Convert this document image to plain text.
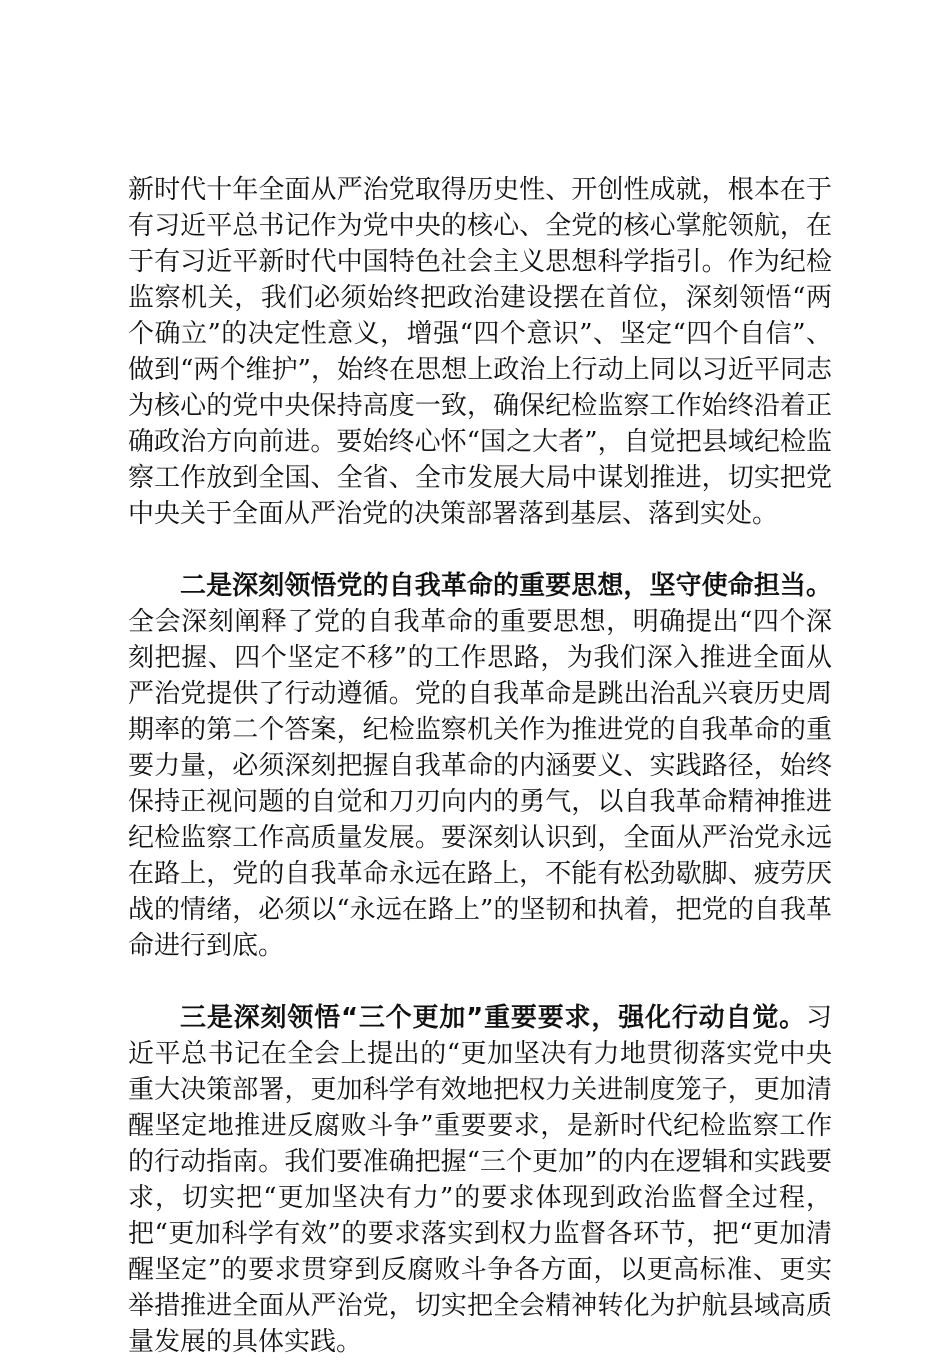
新时代十年全面从严治党取得历史性、开创性成就，根本在于有习近平总书记作为党中央的核心、全党的核心掌舵领航，在于有习近平新时代中国特色社会主义思想科学指引。作为纪检监察机关，我们必须始终把政治建设摆在首位，深刻领悟“两个确立”的决定性意义，增强“四个意识”、坚定“四个自信”、做到“两个维护”，始终在思想上政治上行动上同以习近平同志为核心的党中央保持高度一致，确保纪检监察工作始终沿着正确政治方向前进。要始终心怀“国之大者”，自觉把县域纪检监察工作放到全国、全省、全市发展大局中谋划推进，切实把党中央关于全面从严治党的决策部署落到基层、落到实处。

二是深刻领悟党的自我革命的重要思想，坚守使命担当。全会深刻阐释了党的自我革命的重要思想，明确提出“四个深刻把握、四个坚定不移”的工作思路，为我们深入推进全面从严治党提供了行动遵循。党的自我革命是跳出治乱兴衰历史周期率的第二个答案，纪检监察机关作为推进党的自我革命的重要力量，必须深刻把握自我革命的内涵要义、实践路径，始终保持正视问题的自觉和刀刃向内的勇气，以自我革命精神推进纪检监察工作高质量发展。要深刻认识到，全面从严治党永远在路上，党的自我革命永远在路上，不能有松劲歇脚、疲劳厌战的情绪，必须以“永远在路上”的坚韧和执着，把党的自我革命进行到底。

三是深刻领悟“三个更加”重要要求，强化行动自觉。习近平总书记在全会上提出的“更加坚决有力地贯彻落实党中央重大决策部署，更加科学有效地把权力关进制度笼子，更加清醒坚定地推进反腐败斗争”重要要求，是新时代纪检监察工作的行动指南。我们要准确把握“三个更加”的内在逻辑和实践要求，切实把“更加坚决有力”的要求体现到政治监督全过程，把“更加科学有效”的要求落实到权力监督各环节，把“更加清醒坚定”的要求贯穿到反腐败斗争各方面，以更高标准、更实举措推进全面从严治党，切实把全会精神转化为护航县域高质量发展的具体实践。
